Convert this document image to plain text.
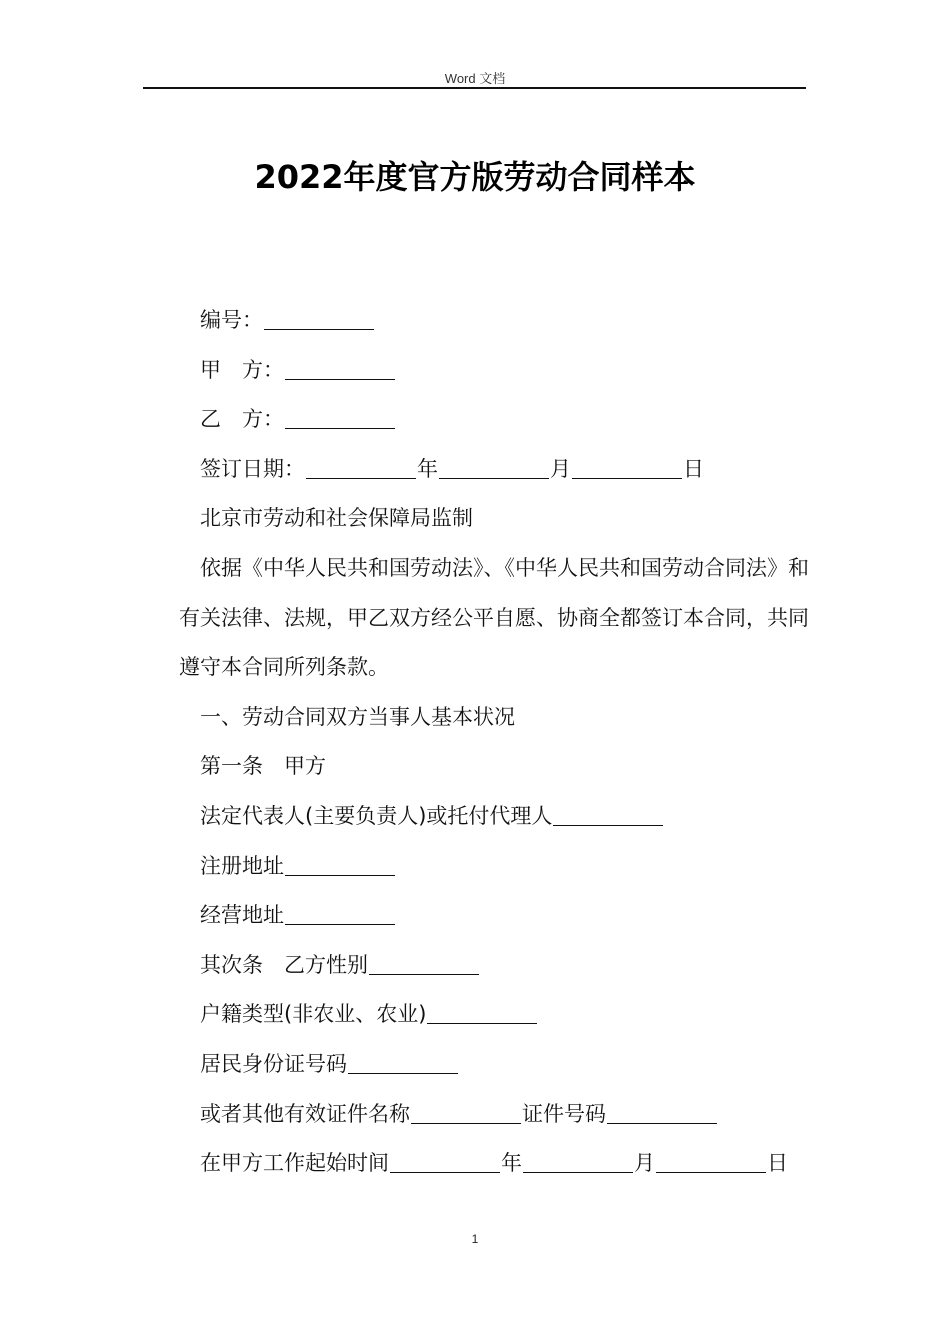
Word 文档
2022年度官方版劳动合同样本

编号：

甲 方：

乙 方：

签订日期：	年	月	日

北京市劳动和社会保障局监制

依据《中华人民共和国劳动法》、《中华人民共和国劳动合同法》和有关法律、法规，甲乙双方经公平自愿、协商全都签订本合同，共同遵守本合同所列条款。

一、劳动合同双方当事人基本状况

第一条 甲方

法定代表人(主要负责人)或托付代理人

注册地址

经营地址

其次条 乙方性别

户籍类型(非农业、农业)

居民身份证号码

或者其他有效证件名称	证件号码

在甲方工作起始时间	年	月	日

1
